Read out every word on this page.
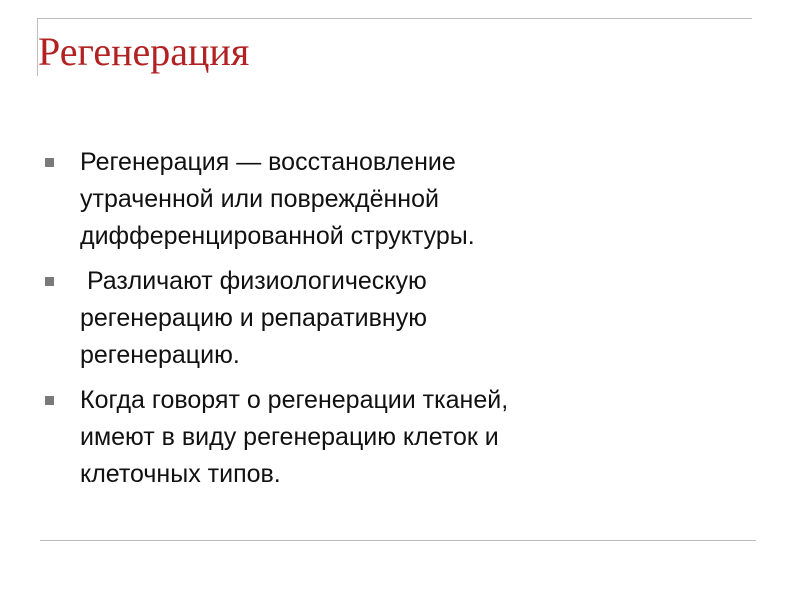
Регенерация
Регенерация — восстановление
утраченной или повреждённой
дифференцированной структуры.
Различают физиологическую
регенерацию и репаративную
регенерацию.
Когда говорят о регенерации тканей,
имеют в виду регенерацию клеток и
клеточных типов.
